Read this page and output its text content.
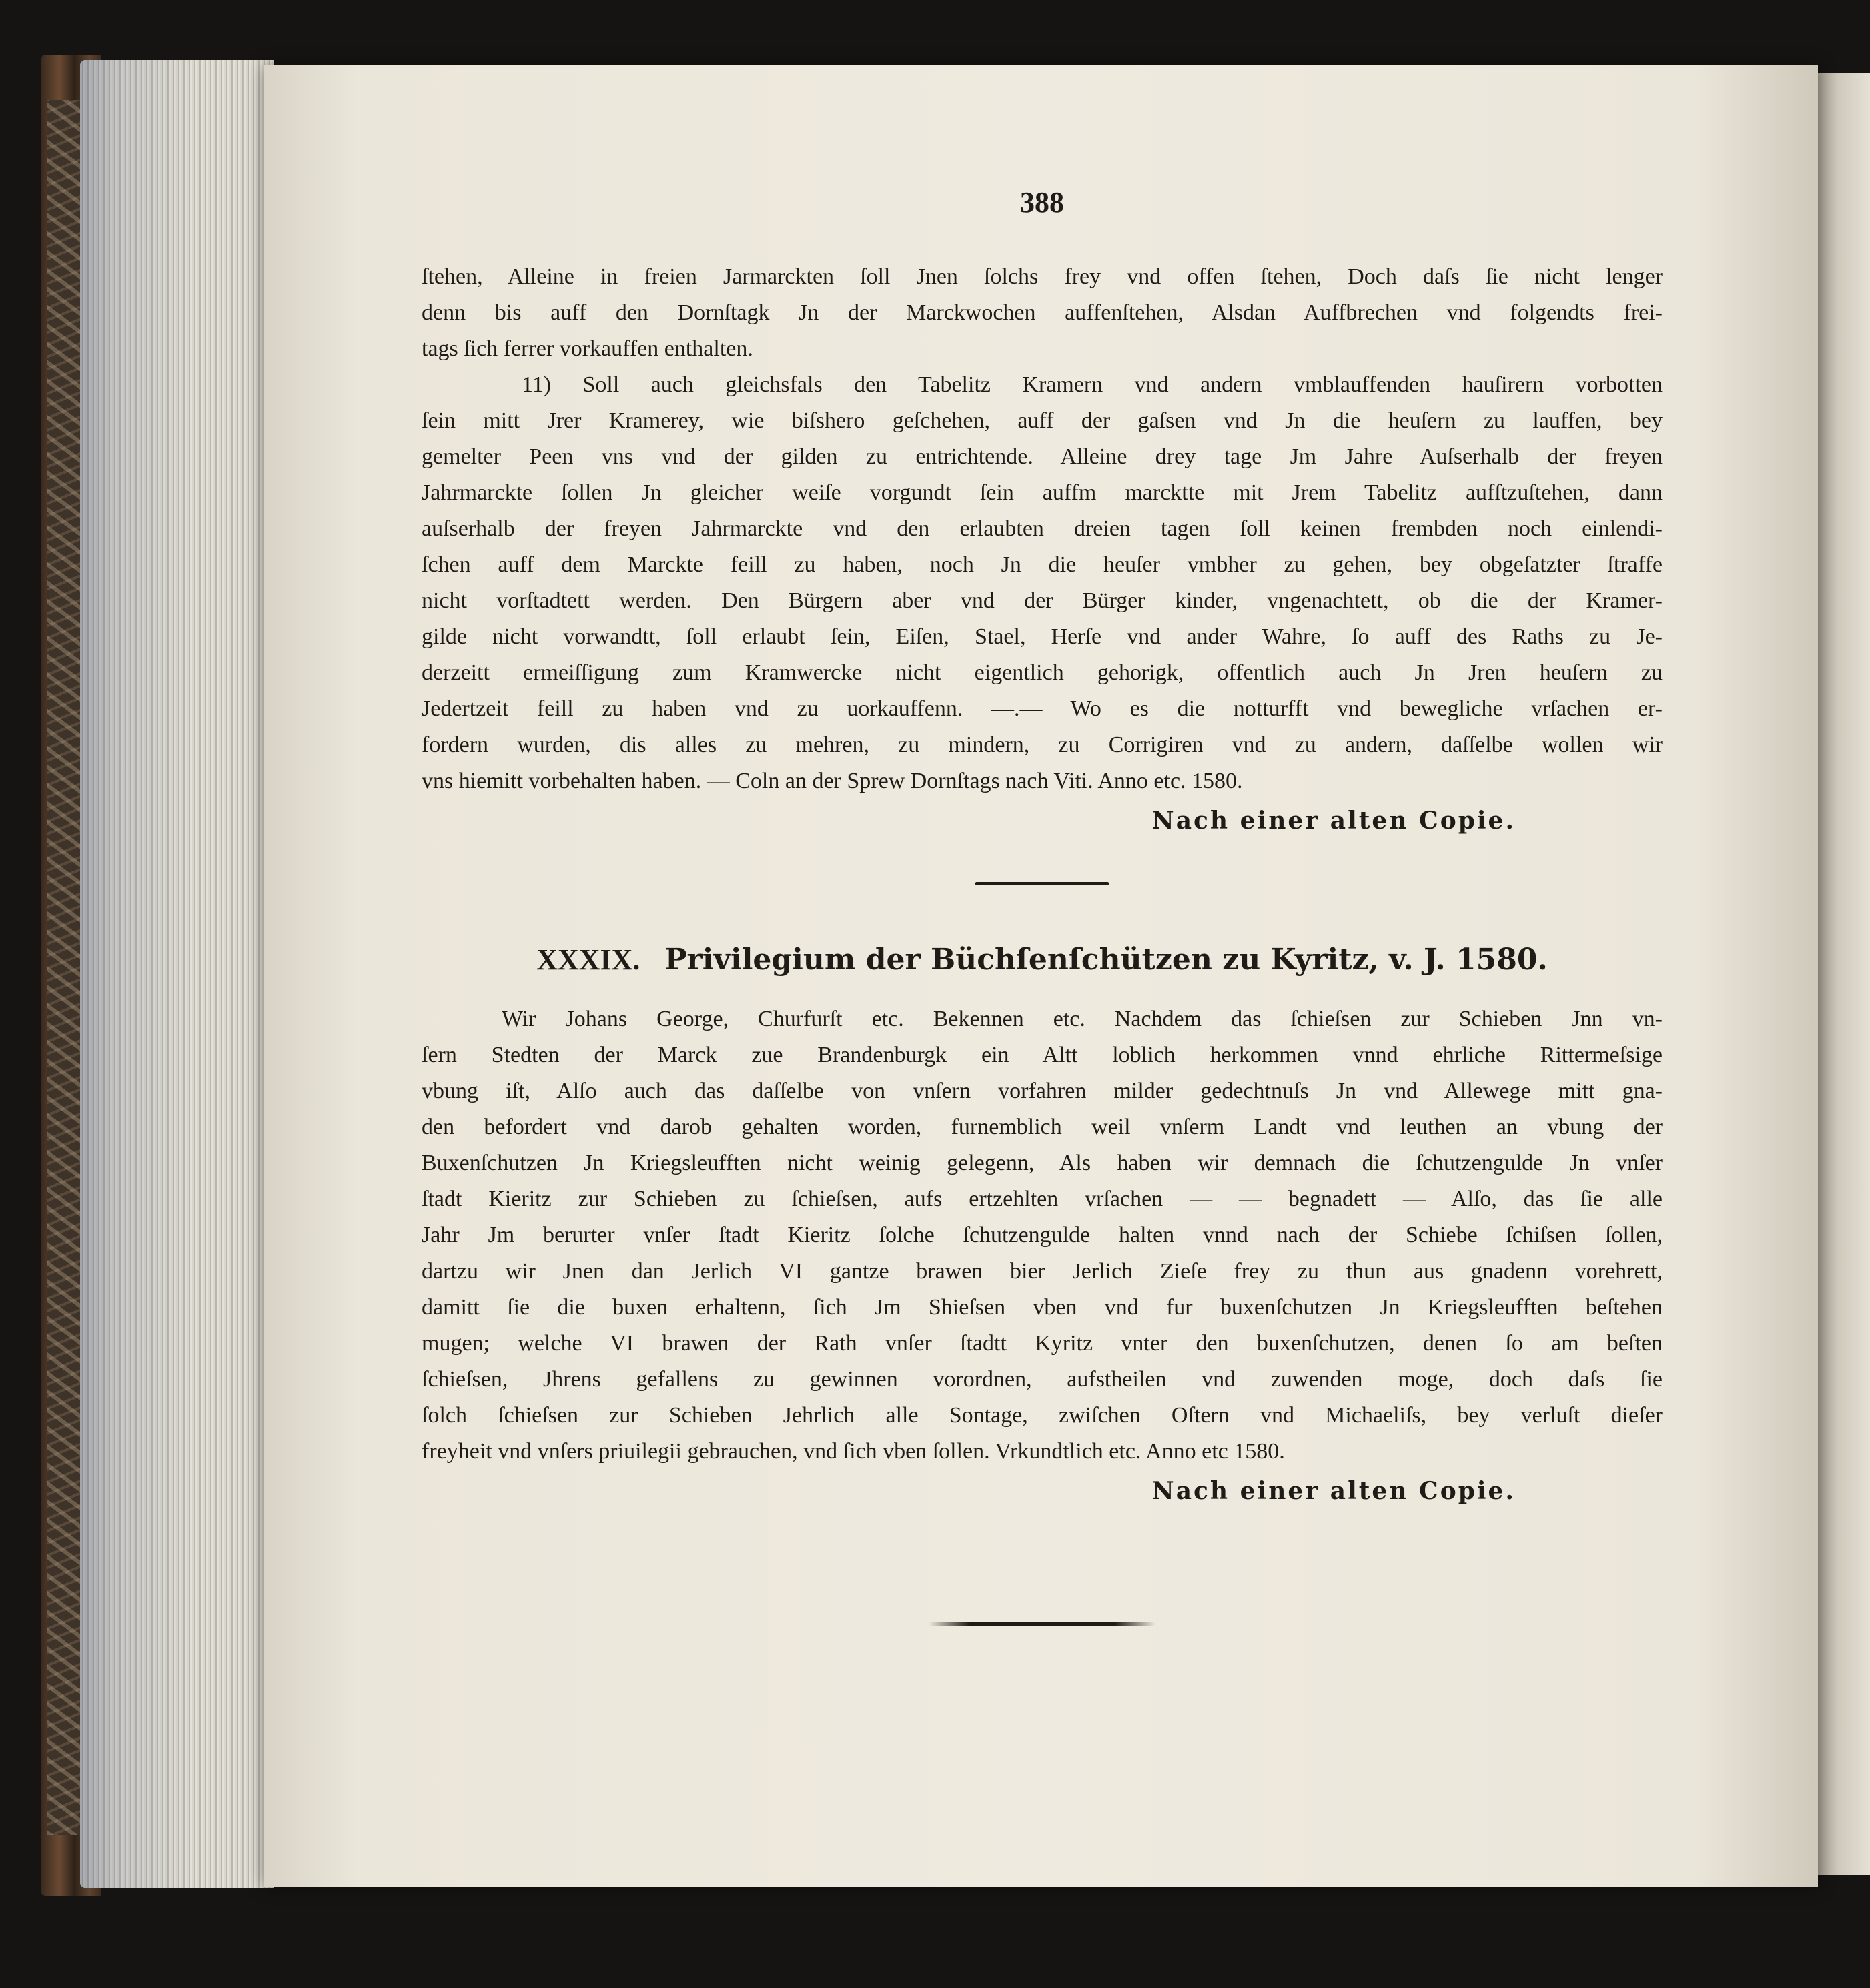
388
ſtehen, Alleine in freien Jarmarckten ſoll Jnen ſolchs frey vnd offen ſtehen, Doch daſs ſie nicht lenger
denn bis auff den Dornſtagk Jn der Marckwochen auffenſtehen, Alsdan Auffbrechen vnd folgendts frei-
tags ſich ferrer vorkauffen enthalten.
11) Soll auch gleichsfals den Tabelitz Kramern vnd andern vmblauffenden hauſirern vorbotten
ſein mitt Jrer Kramerey, wie biſshero geſchehen, auff der gaſsen vnd Jn die heuſern zu lauffen, bey
gemelter Peen vns vnd der gilden zu entrichtende. Alleine drey tage Jm Jahre Auſserhalb der freyen
Jahrmarckte ſollen Jn gleicher weiſe vorgundt ſein auffm marcktte mit Jrem Tabelitz aufſtzuſtehen, dann
auſserhalb der freyen Jahrmarckte vnd den erlaubten dreien tagen ſoll keinen frembden noch einlendi-
ſchen auff dem Marckte feill zu haben, noch Jn die heuſer vmbher zu gehen, bey obgeſatzter ſtraffe
nicht vorſtadtett werden. Den Bürgern aber vnd der Bürger kinder, vngenachtett, ob die der Kramer-
gilde nicht vorwandtt, ſoll erlaubt ſein, Eiſen, Stael, Herſe vnd ander Wahre, ſo auff des Raths zu Je-
derzeitt ermeiſſigung zum Kramwercke nicht eigentlich gehorigk, offentlich auch Jn Jren heuſern zu
Jedertzeit feill zu haben vnd zu uorkauffenn. —.— Wo es die notturfft vnd bewegliche vrſachen er-
fordern wurden, dis alles zu mehren, zu mindern, zu Corrigiren vnd zu andern, daſſelbe wollen wir
vns hiemitt vorbehalten haben. — Coln an der Sprew Dornſtags nach Viti. Anno etc. 1580.
Nach einer alten Copie.
XXXIX. Privilegium der Büchſenſchützen zu Kyritz, v. J. 1580.
Wir Johans George, Churfurſt etc. Bekennen etc. Nachdem das ſchieſsen zur Schieben Jnn vn-
ſern Stedten der Marck zue Brandenburgk ein Altt loblich herkommen vnnd ehrliche Rittermeſsige
vbung iſt, Alſo auch das daſſelbe von vnſern vorfahren milder gedechtnuſs Jn vnd Allewege mitt gna-
den befordert vnd darob gehalten worden, furnemblich weil vnſerm Landt vnd leuthen an vbung der
Buxenſchutzen Jn Kriegsleufften nicht weinig gelegenn, Als haben wir demnach die ſchutzengulde Jn vnſer
ſtadt Kieritz zur Schieben zu ſchieſsen, aufs ertzehlten vrſachen — — begnadett — Alſo, das ſie alle
Jahr Jm berurter vnſer ſtadt Kieritz ſolche ſchutzengulde halten vnnd nach der Schiebe ſchiſsen ſollen,
dartzu wir Jnen dan Jerlich VI gantze brawen bier Jerlich Zieſe frey zu thun aus gnadenn vorehrett,
damitt ſie die buxen erhaltenn, ſich Jm Shieſsen vben vnd fur buxenſchutzen Jn Kriegsleufften beſtehen
mugen; welche VI brawen der Rath vnſer ſtadtt Kyritz vnter den buxenſchutzen, denen ſo am beſten
ſchieſsen, Jhrens gefallens zu gewinnen vorordnen, aufstheilen vnd zuwenden moge, doch daſs ſie
ſolch ſchieſsen zur Schieben Jehrlich alle Sontage, zwiſchen Oſtern vnd Michaeliſs, bey verluſt dieſer
freyheit vnd vnſers priuilegii gebrauchen, vnd ſich vben ſollen. Vrkundtlich etc. Anno etc 1580.
Nach einer alten Copie.
